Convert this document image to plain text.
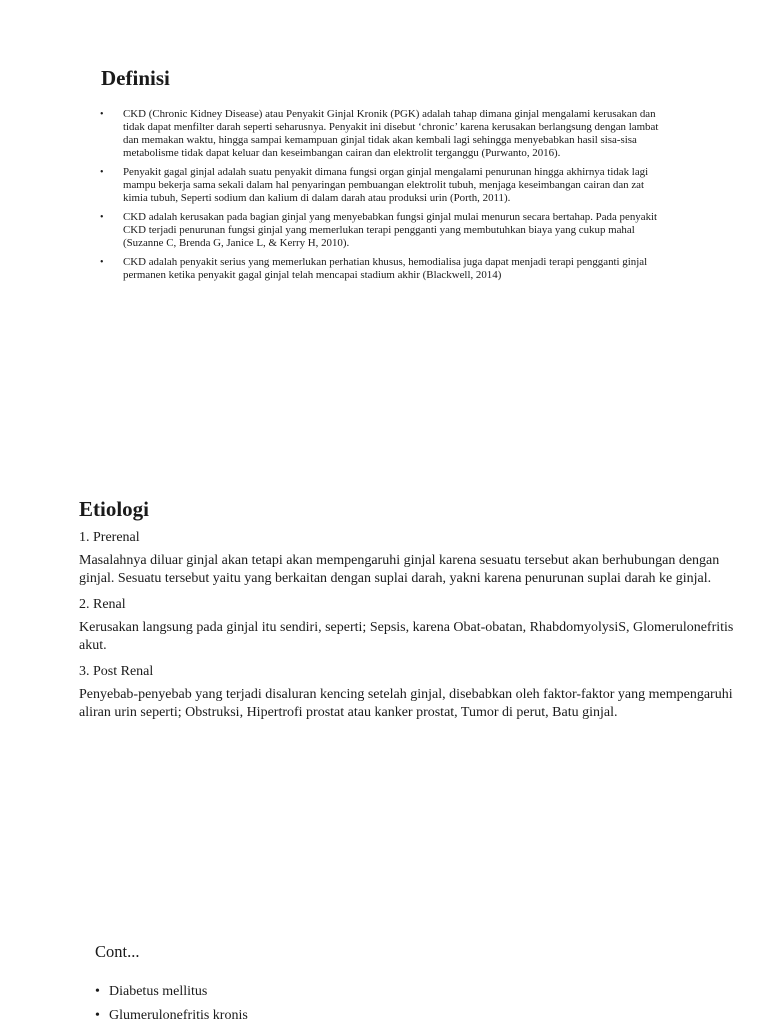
Definisi
• CKD (Chronic Kidney Disease) atau Penyakit Ginjal Kronik (PGK) adalah tahap dimana ginjal mengalami kerusakan dan tidak dapat menfilter darah seperti seharusnya. Penyakit ini disebut ‘chronic’ karena kerusakan berlangsung dengan lambat dan memakan waktu, hingga sampai kemampuan ginjal tidak akan kembali lagi sehingga menyebabkan hasil sisa-sisa metabolisme tidak dapat keluar dan keseimbangan cairan dan elektrolit terganggu (Purwanto, 2016).
• Penyakit gagal ginjal adalah suatu penyakit dimana fungsi organ ginjal mengalami penurunan hingga akhirnya tidak lagi mampu bekerja sama sekali dalam hal penyaringan pembuangan elektrolit tubuh, menjaga keseimbangan cairan dan zat kimia tubuh, Seperti sodium dan kalium di dalam darah atau produksi urin (Porth, 2011).
• CKD adalah kerusakan pada bagian ginjal yang menyebabkan fungsi ginjal mulai menurun secara bertahap. Pada penyakit CKD terjadi penurunan fungsi ginjal yang memerlukan terapi pengganti yang membutuhkan biaya yang cukup mahal (Suzanne C, Brenda G, Janice L, & Kerry H, 2010).
• CKD adalah penyakit serius yang memerlukan perhatian khusus, hemodialisa juga dapat menjadi terapi pengganti ginjal permanen ketika penyakit gagal ginjal telah mencapai stadium akhir (Blackwell, 2014)
Etiologi

1. Prerenal

Masalahnya diluar ginjal akan tetapi akan mempengaruhi ginjal karena sesuatu tersebut akan berhubungan dengan ginjal. Sesuatu tersebut yaitu yang berkaitan dengan suplai darah, yakni karena penurunan suplai darah ke ginjal.

2. Renal

Kerusakan langsung pada ginjal itu sendiri, seperti; Sepsis, karena Obat-obatan, RhabdomyolysiS, Glomerulonefritis akut.

3. Post Renal

Penyebab-penyebab yang terjadi disaluran kencing setelah ginjal, disebabkan oleh faktor-faktor yang mempengaruhi aliran urin seperti; Obstruksi, Hipertrofi prostat atau kanker prostat, Tumor di perut, Batu ginjal.

Cont...
• Diabetus mellitus
• Glumerulonefritis kronis
